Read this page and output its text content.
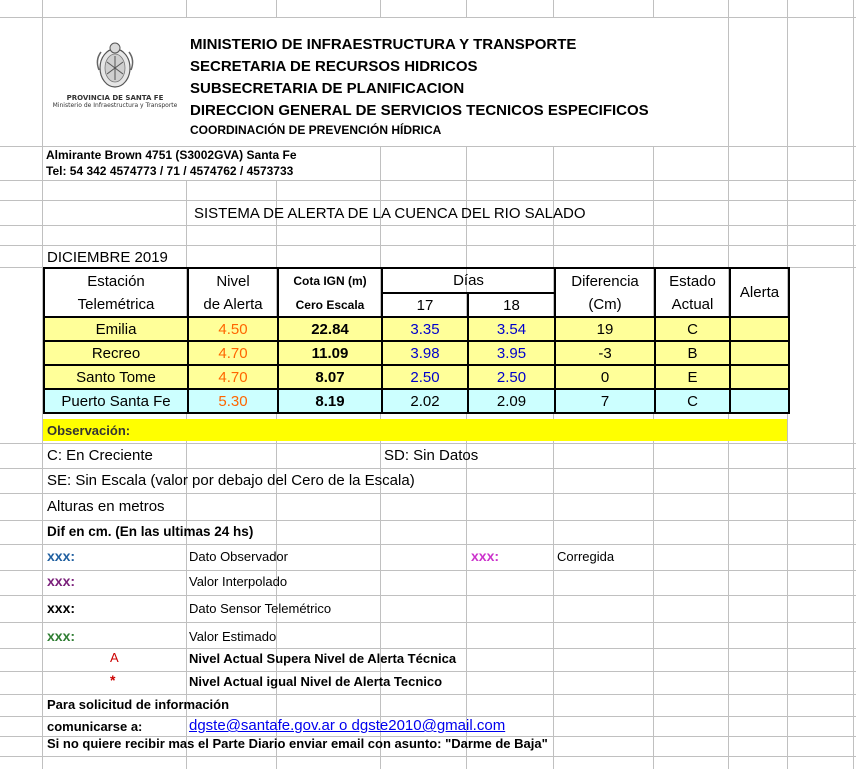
PROVINCIA DE SANTA FE
Ministerio de Infraestructura y Transporte
MINISTERIO DE INFRAESTRUCTURA Y TRANSPORTE
SECRETARIA DE RECURSOS HIDRICOS
SUBSECRETARIA DE PLANIFICACION
DIRECCION GENERAL DE SERVICIOS TECNICOS ESPECIFICOS
COORDINACIÓN DE PREVENCIÓN HÍDRICA
Almirante Brown 4751 (S3002GVA) Santa Fe
Tel: 54 342 4574773 / 71 / 4574762 / 4573733
SISTEMA DE ALERTA DE LA CUENCA DEL RIO SALADO
DICIEMBRE 2019
Estación	Nivel	Cota IGN (m)	Días		Diferencia	Estado	Alerta
Telemétrica	de Alerta	Cero Escala	17	18	(Cm)	Actual	
Emilia	4.50	22.84	3.35	3.54	19	C	
Recreo	4.70	11.09	3.98	3.95	-3	B	
Santo Tome	4.70	8.07	2.50	2.50	0	E	
Puerto Santa Fe	5.30	8.19	2.02	2.09	7	C	
Observación:
C: En Creciente	SD: Sin Datos
SE: Sin Escala (valor por debajo del Cero de la Escala)
Alturas en metros
Dif en cm. (En las ultimas 24 hs)
xxx:	Dato Observador	xxx:	Corregida
xxx:	Valor Interpolado
xxx:	Dato Sensor Telemétrico
xxx:	Valor Estimado
A	Nivel Actual Supera Nivel de Alerta Técnica
*	Nivel Actual igual Nivel de Alerta Tecnico
Para solicitud de información
comunicarse a:	dgste@santafe.gov.ar o dgste2010@gmail.com
Si no quiere recibir mas el Parte Diario enviar email con asunto: "Darme de Baja"
